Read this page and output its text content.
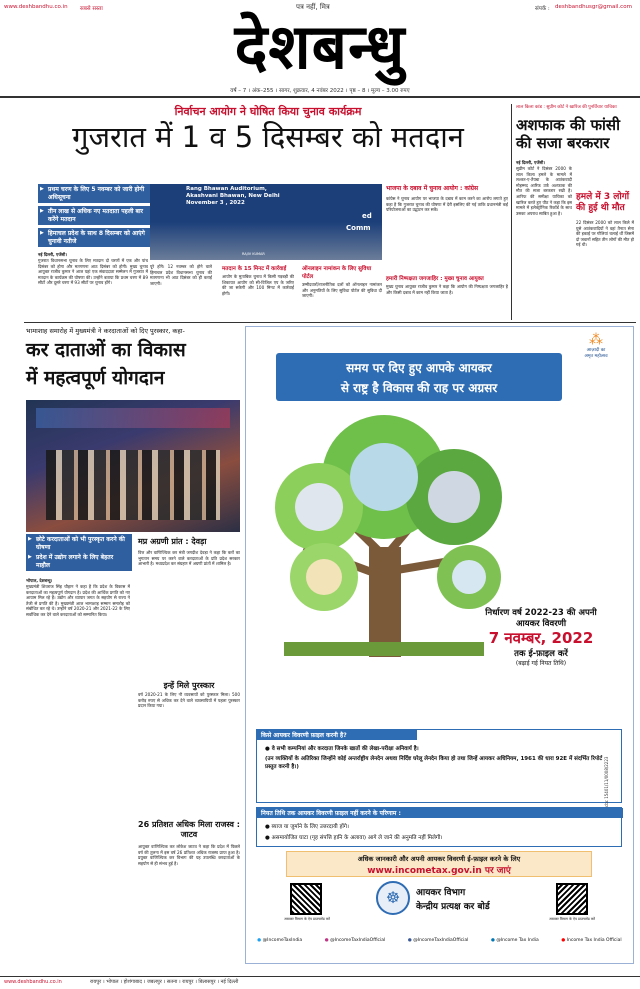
www.deshbandhu.co.in सबसे सस्ता	पत्र नहीं, मित्र	संपर्क : deshbandhusgr@gmail.com
देशबन्धु
वर्ष – 7 । अंक–255 । सागर, शुक्रवार, 4 नवंबर 2022 । पृष्ठ – 8 । मूल्य – 3.00 रुपए
निर्वाचन आयोग ने घोषित किया चुनाव कार्यक्रम
गुजरात में 1 व 5 दिसम्बर को मतदान
▶ प्रथम चरण के लिए 5 नवम्बर को जारी होगी अधिसूचना
▶ तीन लाख से अधिक नए मतदाता पहली बार करेंगे मतदान
▶ हिमाचल प्रदेश के साथ 8 दिसम्बर को आएंगे चुनावी नतीजे
Rang Bhawan Auditorium,
Akashvani Bhawan, New Delhi
November 3 , 2022
RAJIV KUMAR
Comm
ed
नई दिल्ली, एजेंसी।
गुजरात विधानसभा चुनाव के लिए मतदान दो चरणों में एक और पांच दिसंबर को होगा और मतगणना आठ दिसंबर को होगी। मुख्य चुनाव आयुक्त राजीव कुमार ने आज यहां एक संवाददाता सम्मेलन में गुजरात में मतदान के कार्यक्रम की घोषणा की। उन्होंने बताया कि प्रथम चरण में 89 सीटों और दूसरे चरण में 93 सीटों पर चुनाव होंगे।
पूरे होंगे। 12 नवम्बर को होने वाले हिमाचल प्रदेश विधानसभा चुनाव की मतगणना भी आठ दिसंबर को ही कराई जाएगी।
मतदान के 15 मिनट में कार्रवाई
आयोग के मुताबिक चुनाव में किसी गड़बड़ी की शिकायत आयोग को सी-विजिल एप के जरिए की जा सकेगी और 100 मिनट में कार्रवाई होगी।
ऑनलाइन नामांकन के लिए सुविधा पोर्टल
उम्मीदवारों/राजनीतिक दलों को ऑनलाइन नामांकन और अनुमतियों के लिए सुविधा पोर्टल की सुविधा दी जाएगी।
भाजपा के दबाव में चुनाव आयोग : कांग्रेस
कांग्रेस ने चुनाव आयोग पर भाजपा के दबाव में काम करने का आरोप लगाते हुए कहा है कि गुजरात चुनाव की घोषणा में देरी इसलिए की गई ताकि प्रधानमंत्री कई परियोजनाओं का उद्घाटन कर सकें।
हमारी निष्पक्षता जगजाहिर : मुख्य चुनाव आयुक्त
मुख्य चुनाव आयुक्त राजीव कुमार ने कहा कि आयोग की निष्पक्षता जगजाहिर है और किसी दबाव में काम नहीं किया जाता है।
लाल किला कांड : सुप्रीम कोर्ट ने खारिज की पुनर्विचार याचिका
अशफाक की फांसी की सजा बरकरार
नई दिल्ली, एजेंसी।
सुप्रीम कोर्ट ने दिसंबर 2000 के लाल किला हमले के मामले में लश्कर-ए-तैयबा के आतंकवादी मोहम्मद आरिफ उर्फ अशफाक की मौत की सजा बरकरार रखी है। आरिफ की समीक्षा याचिका को खारिज करते हुए पीठ ने कहा कि इस मामले में इलेक्ट्रॉनिक रिकॉर्ड के साथ उसका अपराध साबित हुआ है।
हमले में 3 लोगों की हुई थी मौत
22 दिसंबर 2000 को लाल किले में घुसे आतंकवादियों ने वहां तैनात सेना की इकाई पर गोलियां चलाई थीं जिसमें दो जवानों सहित तीन लोगों की मौत हो गई थी।
भामाशाह समारोह में मुख्यमंत्री ने करदाताओं को दिए पुरस्कार, कहा-
कर दाताओं का विकास
में महत्वपूर्ण योगदान
▶ छोटे करदाताओं को भी पुरस्कृत करने की घोषणा
▶ प्रदेश में उद्योग लगाने के लिए बेहतर माहौल
भोपाल, देशबन्धु।
मुख्यमंत्री शिवराज सिंह चौहान ने कहा है कि प्रदेश के विकास में करदाताओं का महत्वपूर्ण योगदान है। प्रदेश की आर्थिक प्रगति को नए आयाम मिल रहे हैं। उद्योग और व्यापार जगत के सहयोग से राज्य ने तेजी से प्रगति की है। मुख्यमंत्री आज भामाशाह सम्मान समारोह को संबोधित कर रहे थे। उन्होंने वर्ष 2020-21 और 2021-22 के लिए सर्वाधिक कर देने वाले करदाताओं को सम्मानित किया।
मप्र अग्रणी प्रांत : देवड़ा
वित्त और वाणिज्यिक कर मंत्री जगदीश देवड़ा ने कहा कि करों का भुगतान समय पर करने वाले करदाताओं के प्रति प्रदेश सरकार आभारी है। मध्यप्रदेश कर संग्रहण में अग्रणी प्रांतों में शामिल है।
इन्हें मिले पुरस्कार
वर्ष 2020-21 के लिए नौ व्यवसायों को पुरस्कार मिला। 500 करोड़ रुपए से अधिक कर देने वाले व्यवसायियों में पहला पुरस्कार प्रदान किया गया।
26 प्रतिशत अधिक मिला राजस्व : जाटव
आयुक्त वाणिज्यिक कर लोकेश जाटव ने कहा कि प्रदेश में पिछले वर्ष की तुलना में इस वर्ष 26 प्रतिशत अधिक राजस्व प्राप्त हुआ है। प्रयुक्त वाणिज्यिक कर विभाग की यह उपलब्धि करदाताओं के सहयोग से ही संभव हुई है।
⁂
आज़ादी का
अमृत महोत्सव
समय पर दिए हुए आपके आयकर
से राष्ट्र है विकास की राह पर अग्रसर
निर्धारण वर्ष 2022-23 की अपनी
आयकर विवरणी
7 नवम्बर, 2022
तक ई-फ़ाइल करें
(बढ़ाई गई नियत तिथि)
किसे आयकर विवरणी फ़ाइल करनी है?
● वे सभी कम्पनियां और करदाता जिनके खातों की लेखा-परीक्षा अनिवार्य है।
(उन व्यक्तियों के अतिरिक्त जिन्होंने कोई अन्तर्राष्ट्रीय लेनदेन अथवा निर्दिष्ट घरेलू लेनदेन किया हो तथा जिन्हें आयकर अधिनियम, 1961 की धारा 92E में संदर्भित रिपोर्ट प्रस्तुत करनी है।)
नियत तिथि तक आयकर विवरणी फ़ाइल नहीं करने के परिणाम :
● ब्याज या जुर्माने के लिए उत्तरदायी होंगे।
● असमायोजित घाटा (गृह संपत्ति हानि के अलावा) आगे ले जाने की अनुमति नहीं मिलेगी।
अधिक जानकारी और अपनी आयकर विवरणी ई-फ़ाइल करने के लिए
www.incometax.gov.in पर जाएं
आयकर विभाग के ऐप डाउनलोड करें
☸	आयकर विभाग
केन्द्रीय प्रत्यक्ष कर बोर्ड
आयकर विभाग के ऐप डाउनलोड करें
cbc 15401/11/0008/2223
● @IncomeTaxIndia	● @IncomeTaxIndiaOfficial	● @IncomeTaxIndiaOfficial	● @Income Tax India	● Income Tax India Official
www.deshbandhu.co.in	रायपुर । भोपाल । होशंगाबाद । जबलपुर । सतना । रायपुर । बिलासपुर । नई दिल्ली
